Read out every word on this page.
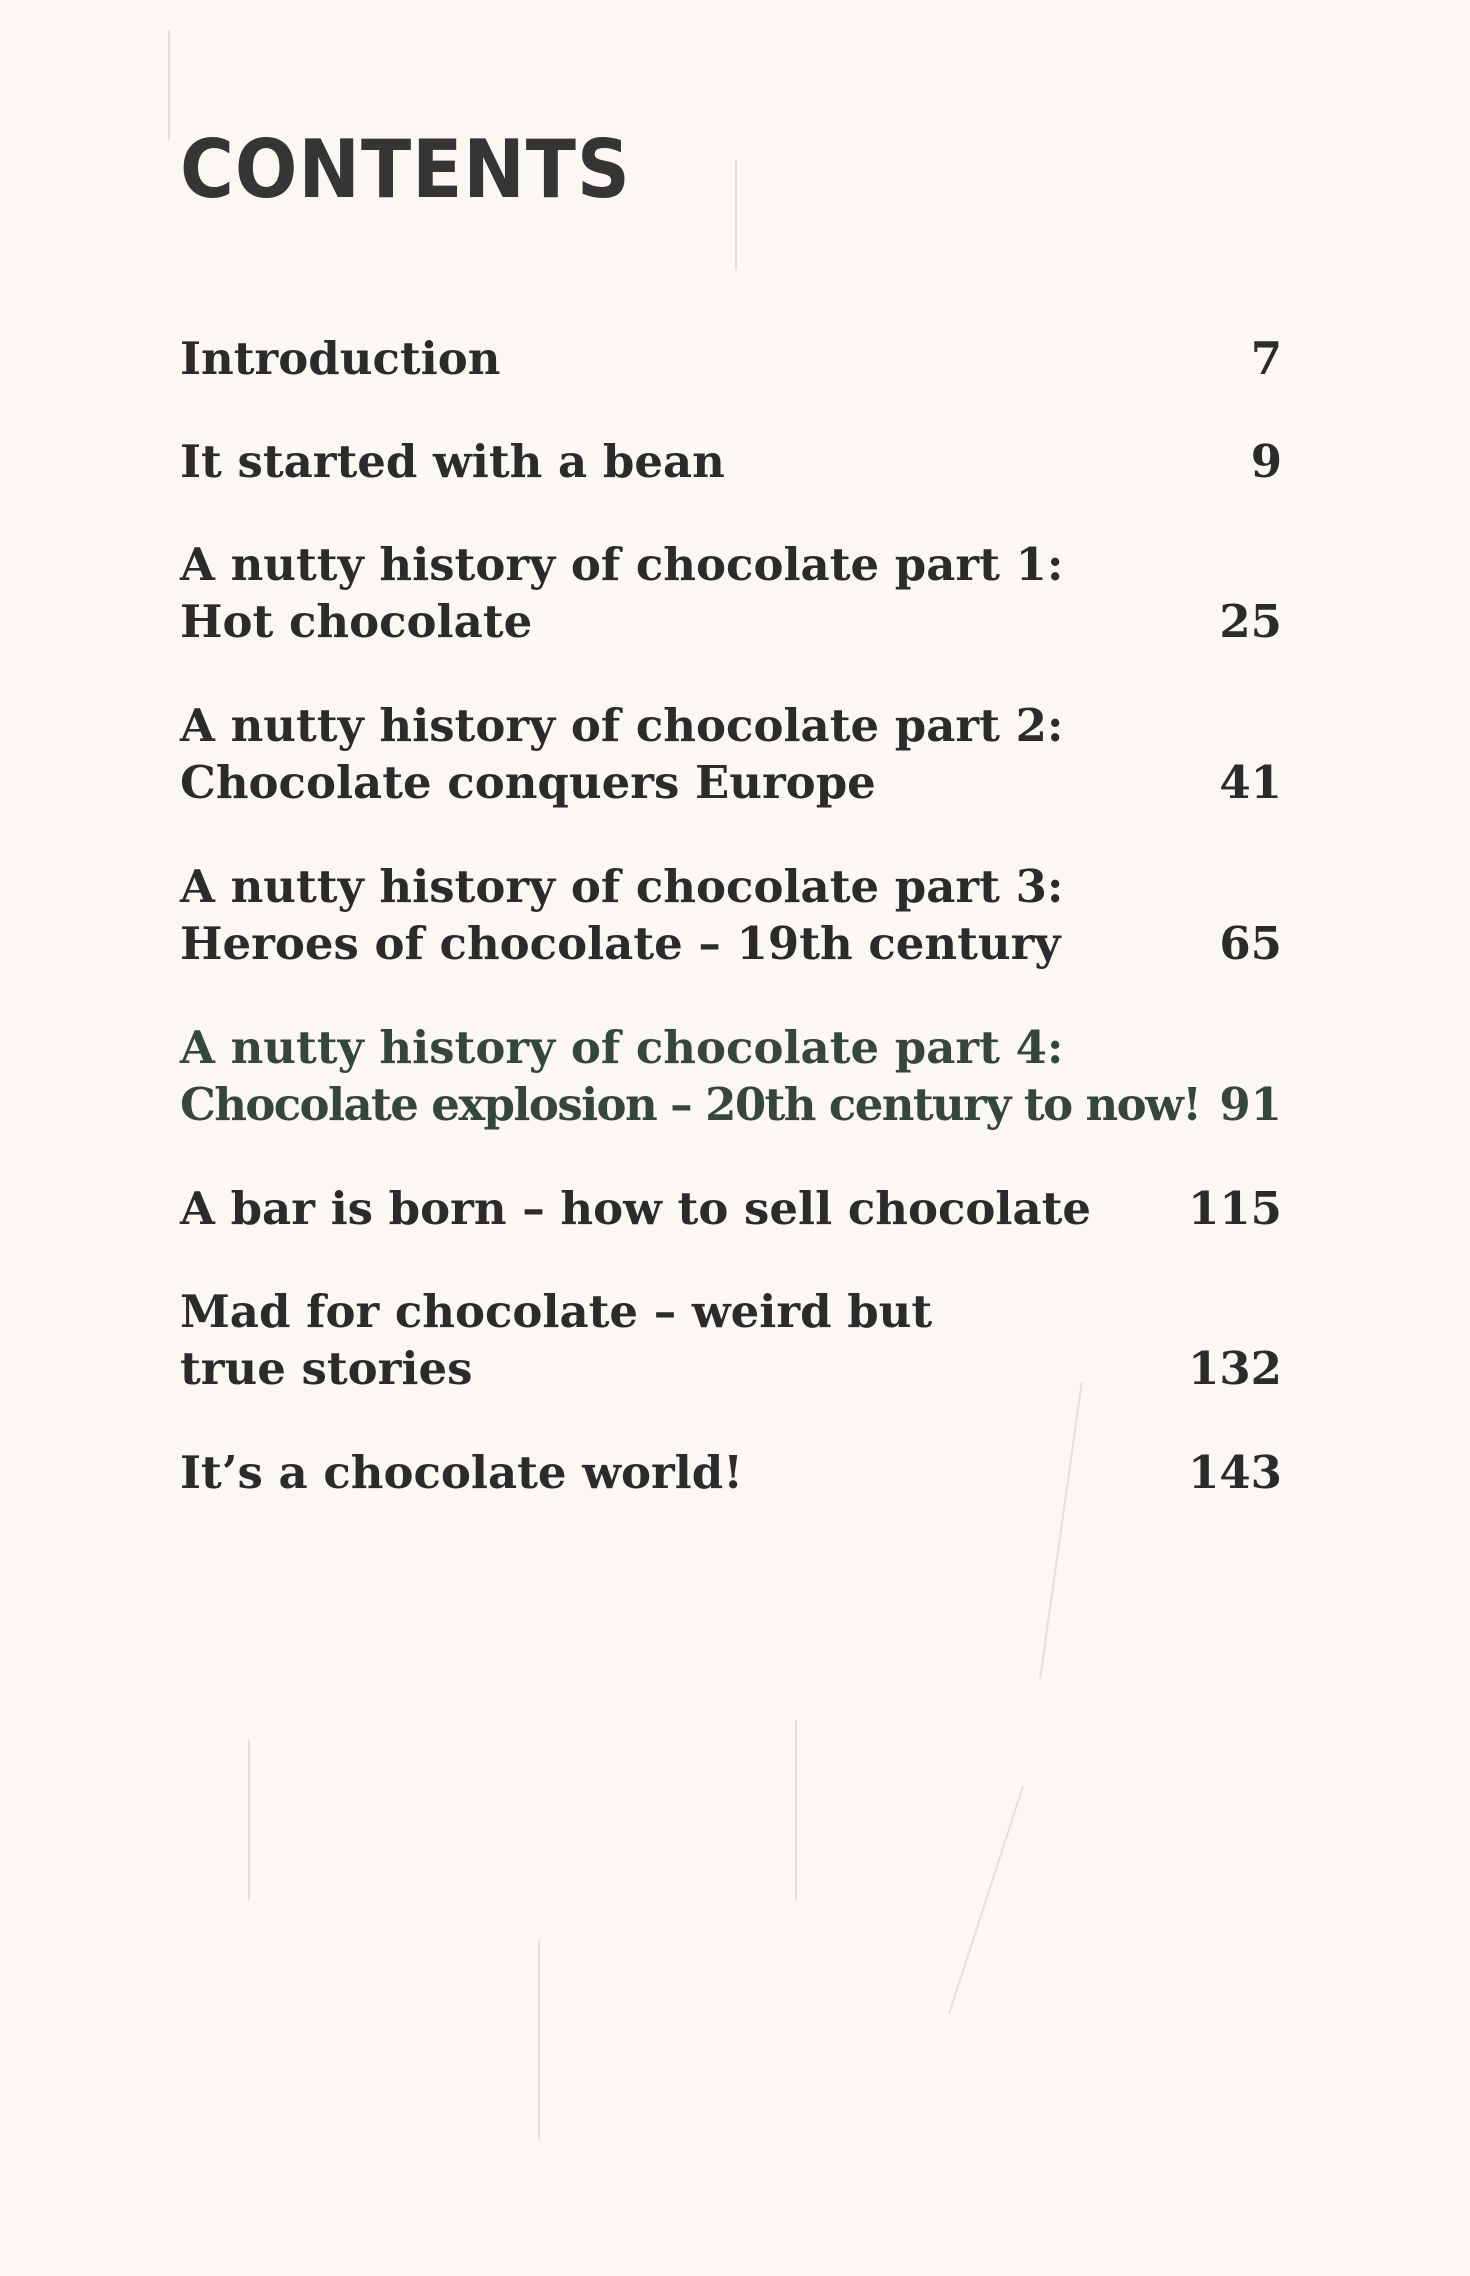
CONTENTS
Introduction	7
It started with a bean	9
A nutty history of chocolate part 1:
Hot chocolate	25
A nutty history of chocolate part 2:
Chocolate conquers Europe	41
A nutty history of chocolate part 3:
Heroes of chocolate – 19th century	65
A nutty history of chocolate part 4:
Chocolate explosion – 20th century to now! 91
A bar is born – how to sell chocolate	115
Mad for chocolate – weird but
true stories	132
It’s a chocolate world!	143
